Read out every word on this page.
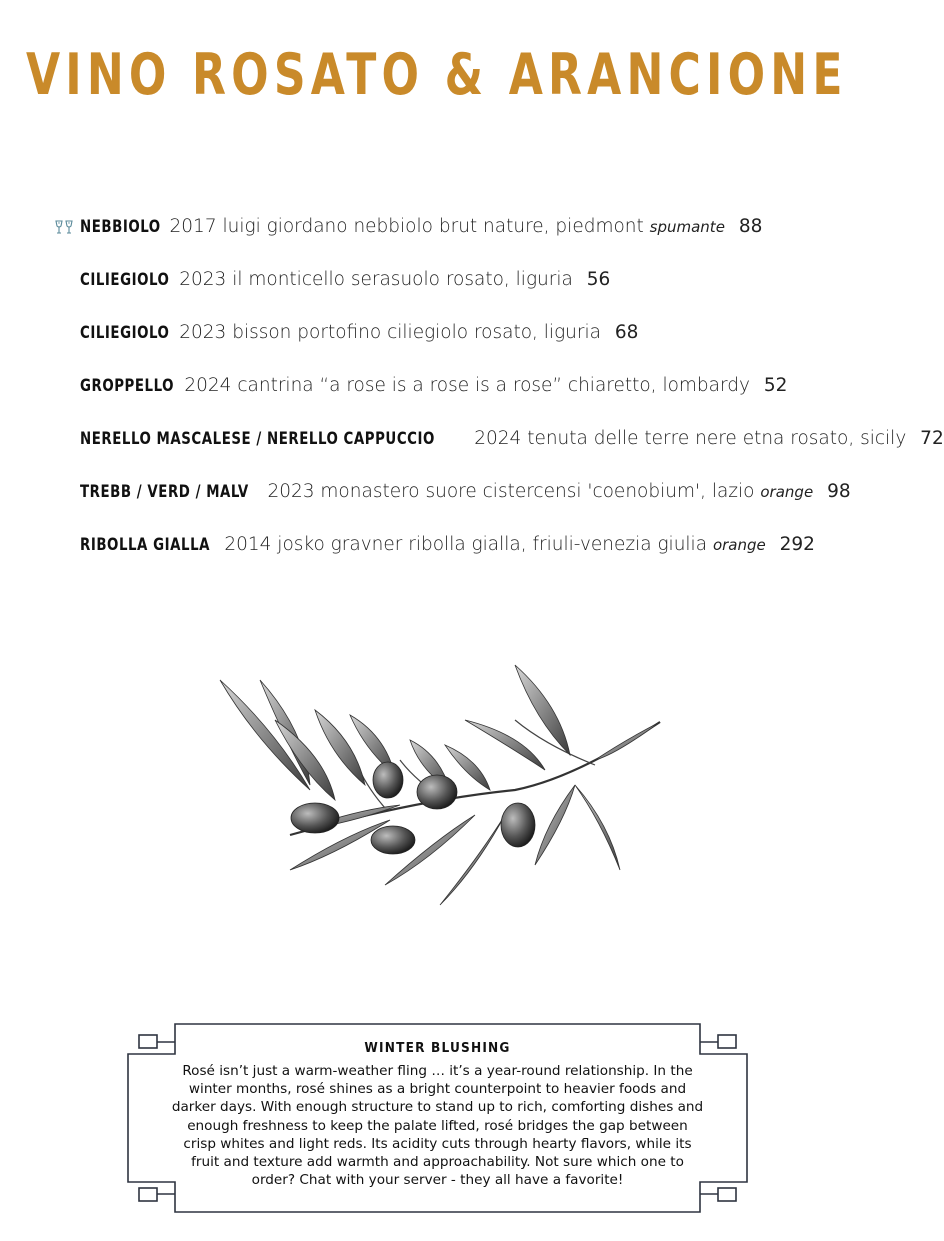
VINO ROSATO & ARANCIONE
NEBBIOLO 2017 luigi giordano nebbiolo brut nature, piedmont spumante 88
CILIEGIOLO 2023 il monticello serasuolo rosato, liguria 56
CILIEGIOLO 2023 bisson portofino ciliegiolo rosato, liguria 68
GROPPELLO 2024 cantrina “a rose is a rose is a rose” chiaretto, lombardy 52
NERELLO MASCALESE / NERELLO CAPPUCCIO 2024 tenuta delle terre nere etna rosato, sicily 72
TREBB / VERD / MALV 2023 monastero suore cistercensi 'coenobium', lazio orange 98
RIBOLLA GIALLA 2014 josko gravner ribolla gialla, friuli-venezia giulia orange 292
WINTER BLUSHING
Rosé isn’t just a warm-weather fling … it’s a year-round relationship. In the winter months, rosé shines as a bright counterpoint to heavier foods and darker days. With enough structure to stand up to rich, comforting dishes and enough freshness to keep the palate lifted, rosé bridges the gap between crisp whites and light reds. Its acidity cuts through hearty flavors, while its fruit and texture add warmth and approachability. Not sure which one to order? Chat with your server - they all have a favorite!
